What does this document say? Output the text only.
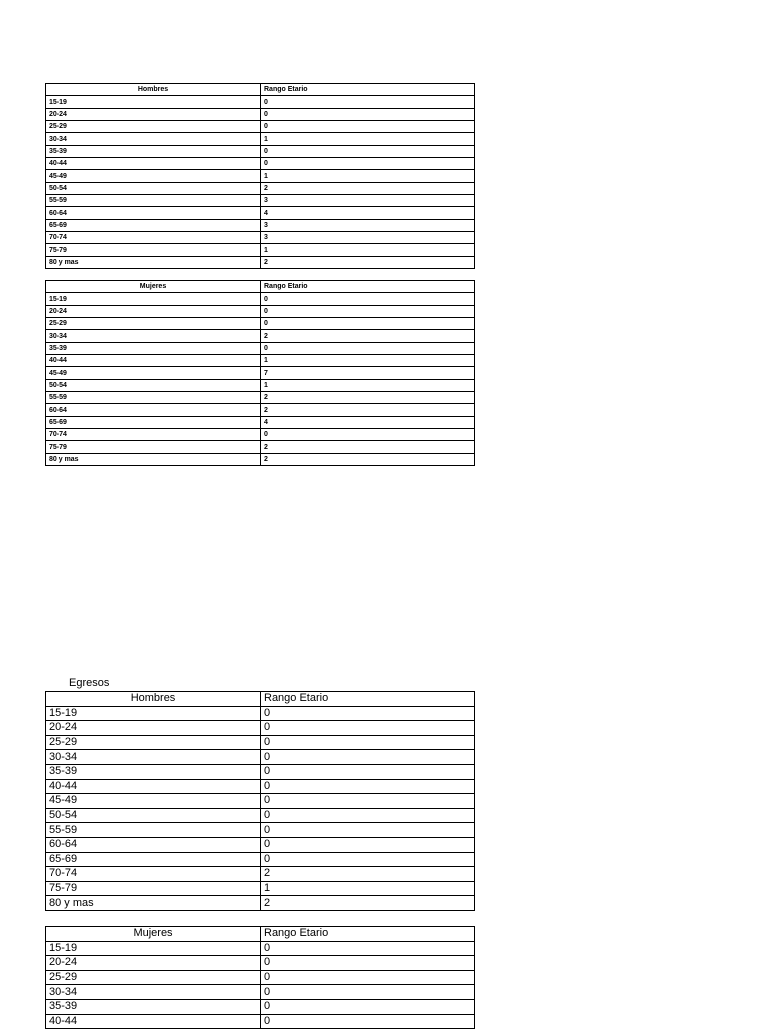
Hombres	Rango Etario
15-19	0
20-24	0
25-29	0
30-34	1
35-39	0
40-44	0
45-49	1
50-54	2
55-59	3
60-64	4
65-69	3
70-74	3
75-79	1
80 y mas	2
Mujeres	Rango Etario
15-19	0
20-24	0
25-29	0
30-34	2
35-39	0
40-44	1
45-49	7
50-54	1
55-59	2
60-64	2
65-69	4
70-74	0
75-79	2
80 y mas	2
Egresos
Hombres	Rango Etario
15-19	0
20-24	0
25-29	0
30-34	0
35-39	0
40-44	0
45-49	0
50-54	0
55-59	0
60-64	0
65-69	0
70-74	2
75-79	1
80 y mas	2
Mujeres	Rango Etario
15-19	0
20-24	0
25-29	0
30-34	0
35-39	0
40-44	0
